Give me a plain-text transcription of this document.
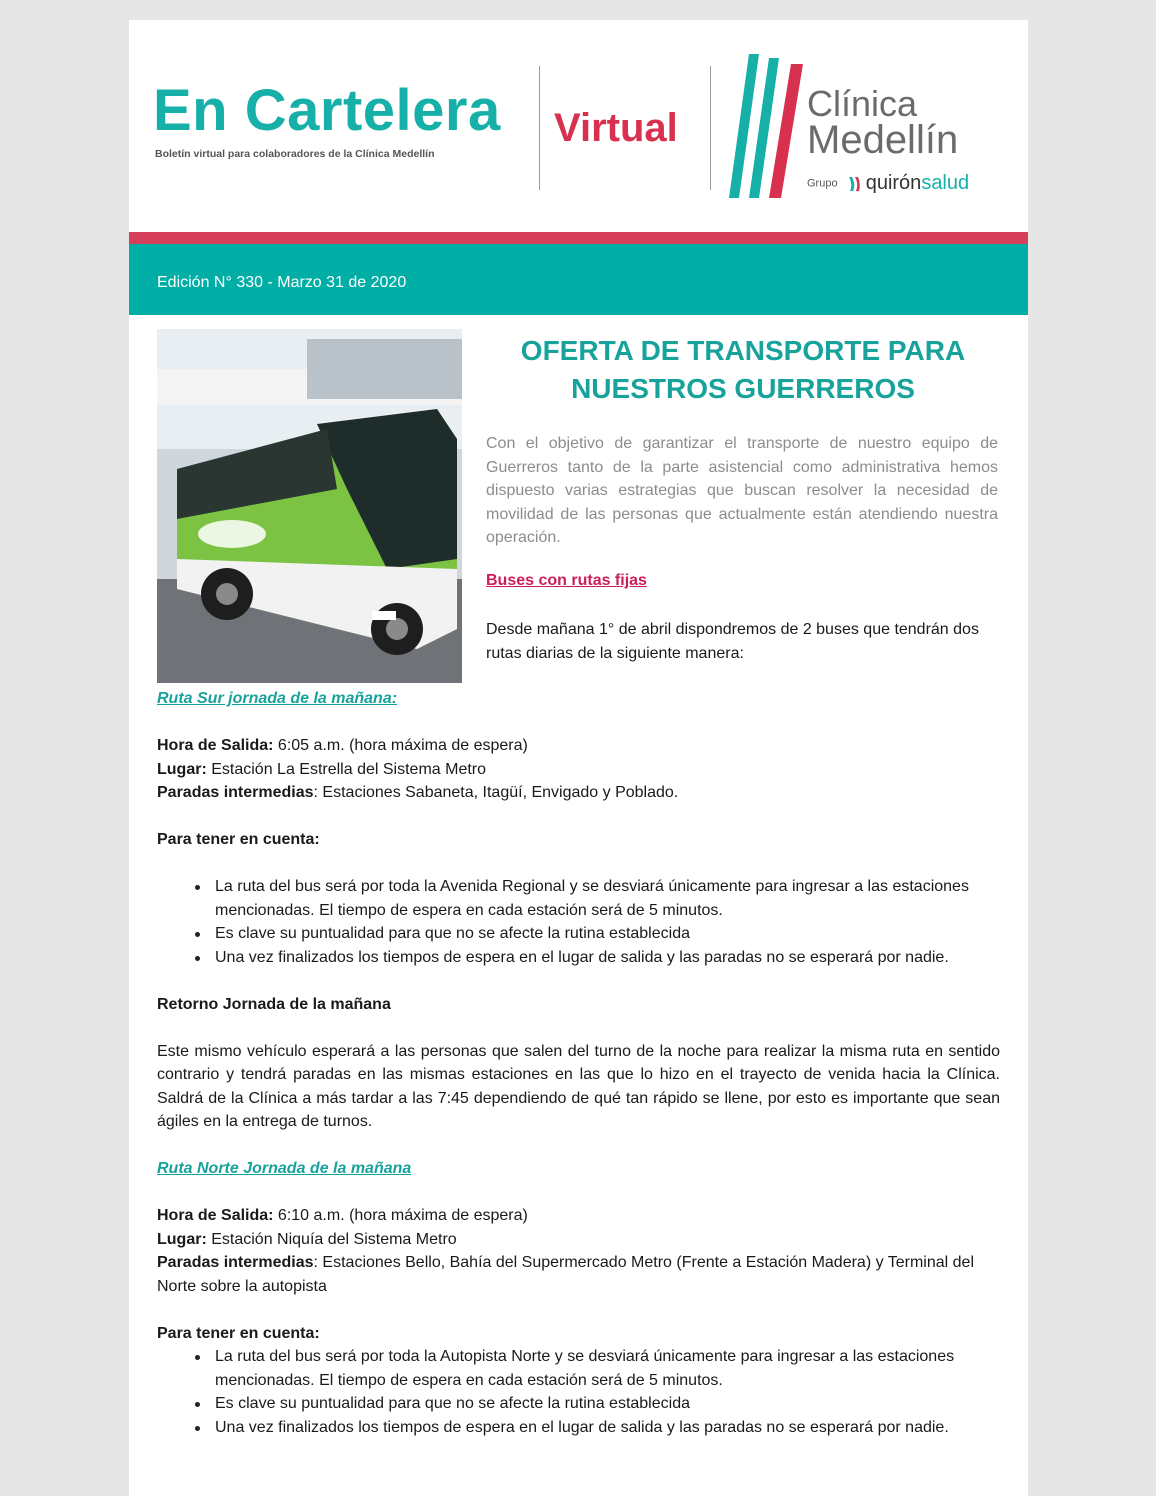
En Cartelera
Boletín virtual para colaboradores de la Clínica Medellín
Virtual
Clínica
Medellín
Grupo quirónsalud
Edición N° 330 - Marzo 31 de 2020
OFERTA DE TRANSPORTE PARA
NUESTROS GUERREROS
Con el objetivo de garantizar el transporte de nuestro equipo de Guerreros tanto de la parte asistencial como administrativa hemos dispuesto varias estrategias que buscan resolver la necesidad de movilidad de las personas que actualmente están atendiendo nuestra operación.
Buses con rutas fijas
Desde mañana 1° de abril dispondremos de 2 buses que tendrán dos rutas diarias de la siguiente manera:

Ruta Sur jornada de la mañana:

Hora de Salida: 6:05 a.m. (hora máxima de espera)

Lugar: Estación La Estrella del Sistema Metro

Paradas intermedias: Estaciones Sabaneta, Itagüí, Envigado y Poblado.

Para tener en cuenta:

La ruta del bus será por toda la Avenida Regional y se desviará únicamente para ingresar a las estaciones mencionadas. El tiempo de espera en cada estación será de 5 minutos.
Es clave su puntualidad para que no se afecte la rutina establecida
Una vez finalizados los tiempos de espera en el lugar de salida y las paradas no se esperará por nadie.

Retorno Jornada de la mañana

Este mismo vehículo esperará a las personas que salen del turno de la noche para realizar la misma ruta en sentido contrario y tendrá paradas en las mismas estaciones en las que lo hizo en el trayecto de venida hacia la Clínica. Saldrá de la Clínica a más tardar a las 7:45 dependiendo de qué tan rápido se llene, por esto es importante que sean ágiles en la entrega de turnos.

Ruta Norte Jornada de la mañana

Hora de Salida: 6:10 a.m. (hora máxima de espera)

Lugar: Estación Niquía del Sistema Metro

Paradas intermedias: Estaciones Bello, Bahía del Supermercado Metro (Frente a Estación Madera) y Terminal del Norte sobre la autopista

Para tener en cuenta:

La ruta del bus será por toda la Autopista Norte y se desviará únicamente para ingresar a las estaciones mencionadas. El tiempo de espera en cada estación será de 5 minutos.
Es clave su puntualidad para que no se afecte la rutina establecida
Una vez finalizados los tiempos de espera en el lugar de salida y las paradas no se esperará por nadie.
